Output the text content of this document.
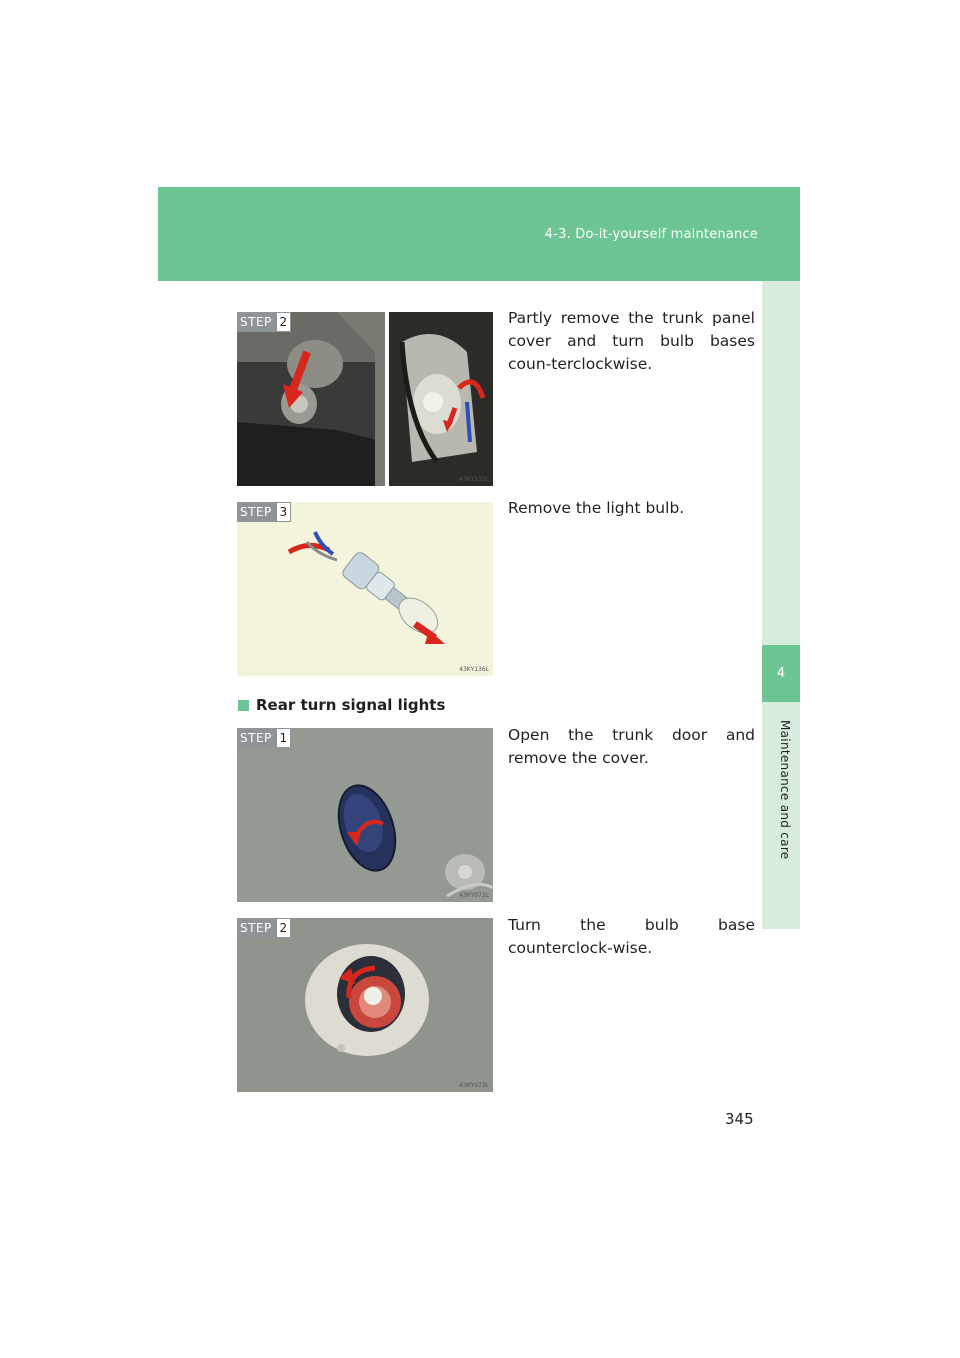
4-3. Do-it-yourself maintenance
4
Maintenance and care
STEP 2
43KY135L
Partly remove the trunk panel cover and turn bulb bases coun-terclockwise.
STEP 3
43KY136L
Remove the light bulb.
Rear turn signal lights
STEP 1
43KY072L
Open the trunk door and remove the cover.
STEP 2
43KY073L
Turn the bulb base counterclock-wise.
345
